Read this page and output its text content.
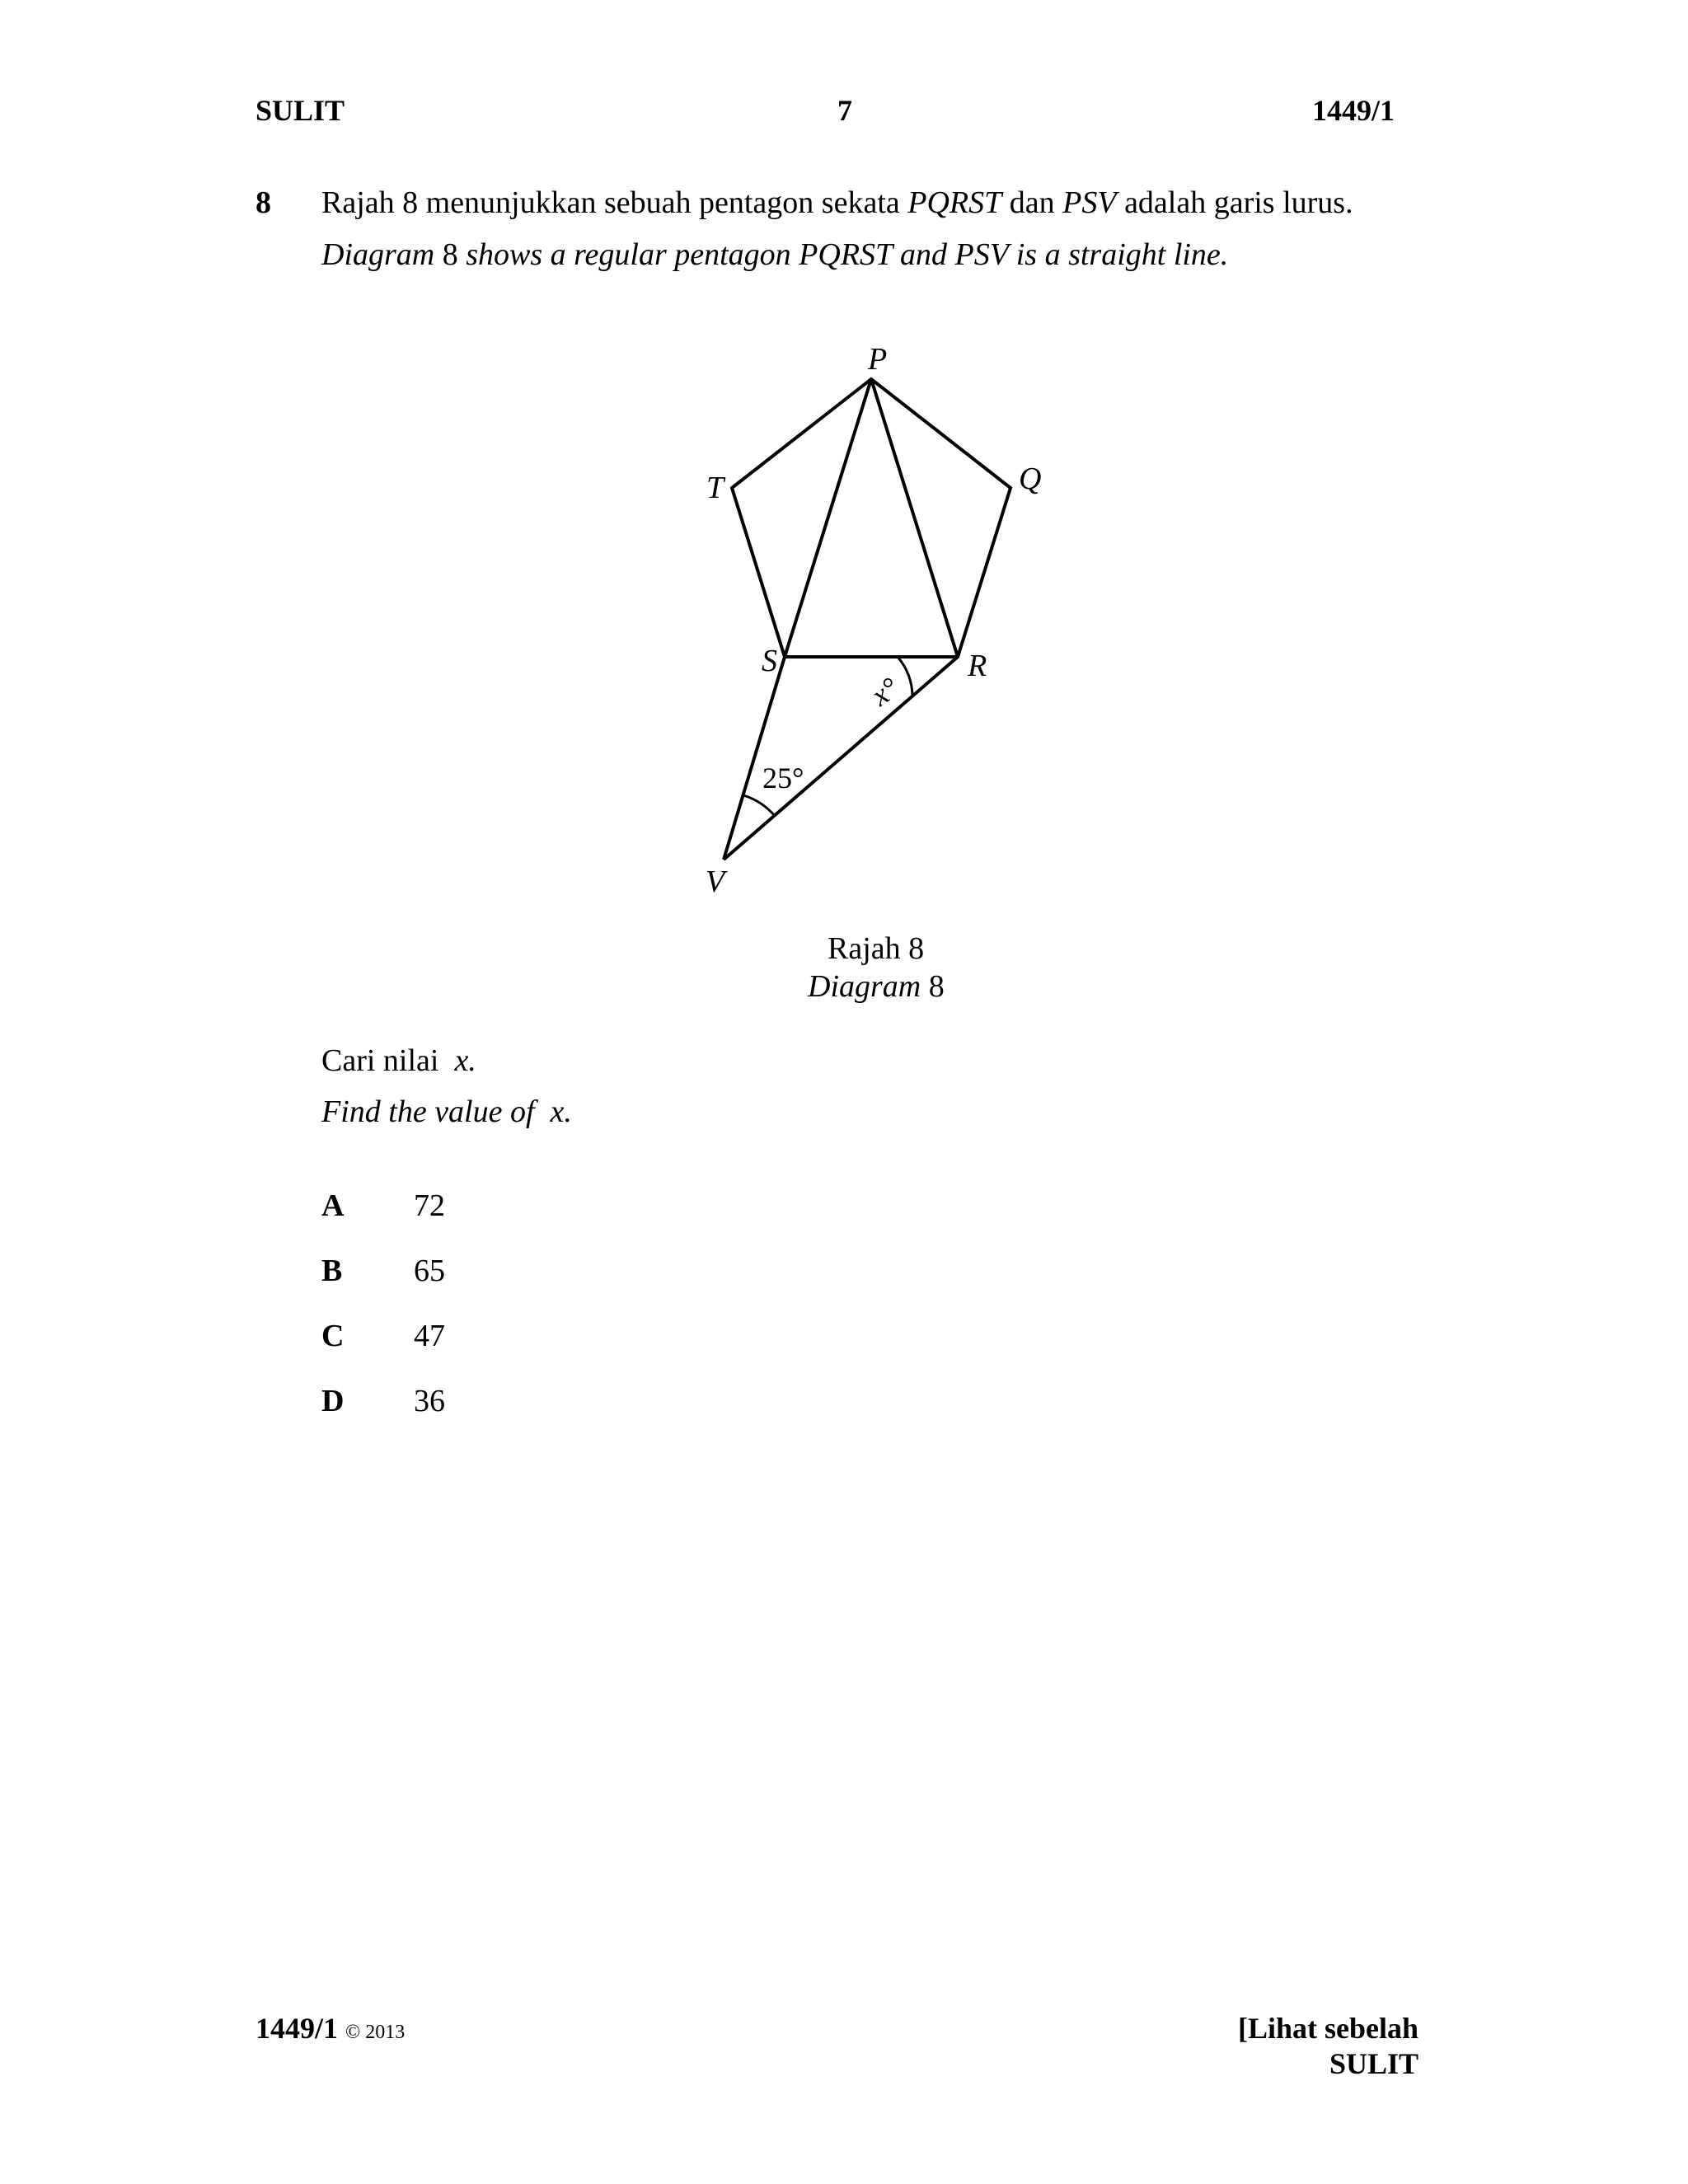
SULIT	7	1449/1
8 Rajah 8 menunjukkan sebuah pentagon sekata PQRST dan PSV adalah garis lurus.
Diagram 8 shows a regular pentagon PQRST and PSV is a straight line.
P
Q
R
S
T
V
x°
25°
Rajah 8
Diagram 8
Cari nilai  x.
Find the value of  x.
A 72
B 65
C 47
D 36
1449/1 © 2013	[Lihat sebelah
SULIT
